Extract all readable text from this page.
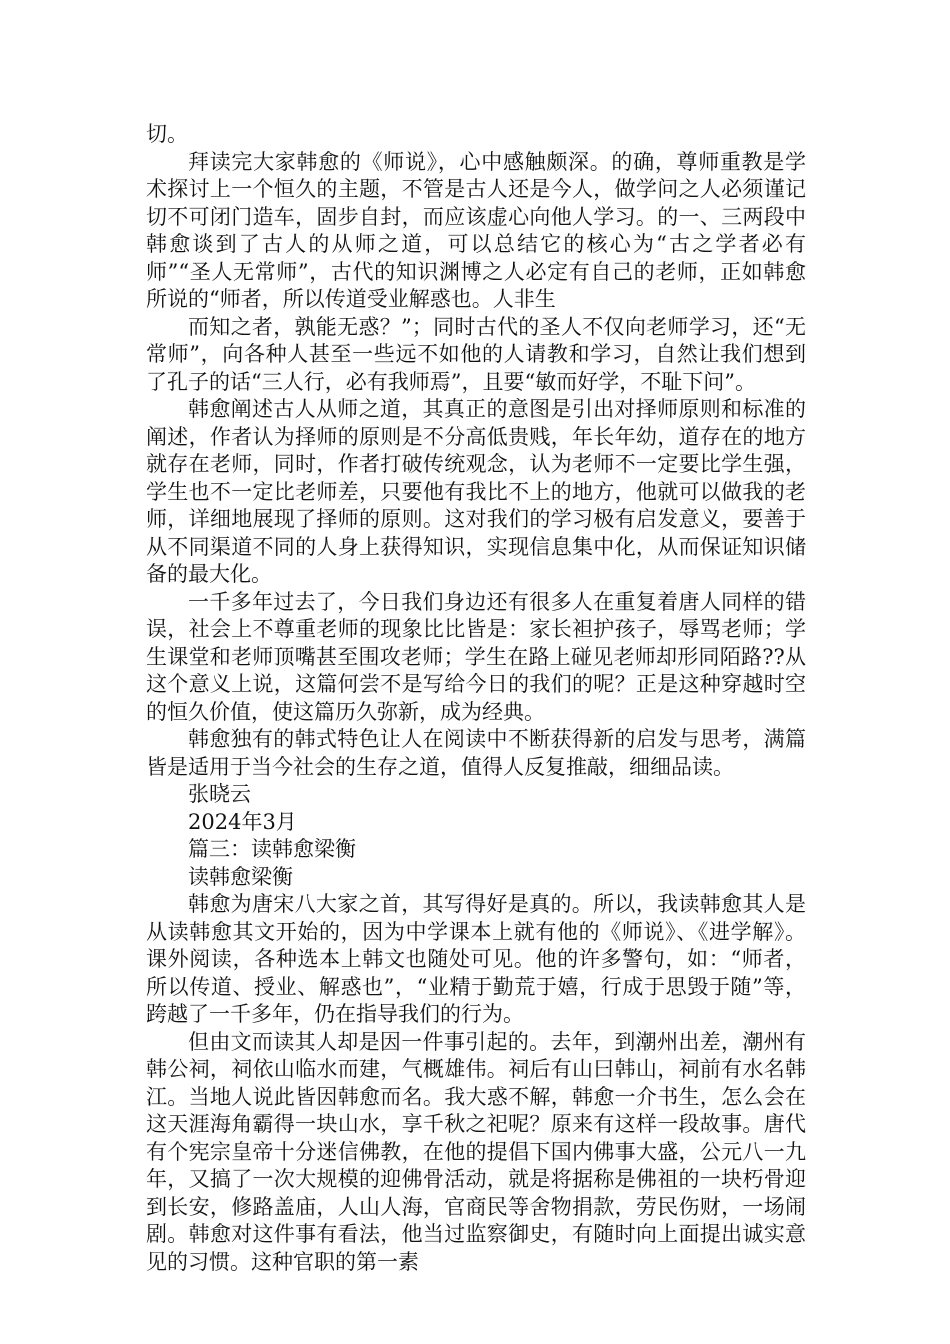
切。

拜读完大家韩愈的《师说》，心中感触颇深。的确，尊师重教是学术探讨上一个恒久的主题，不管是古人还是今人，做学问之人必须谨记切不可闭门造车，固步自封，而应该虚心向他人学习。的一、三两段中韩愈谈到了古人的从师之道，可以总结它的核心为“古之学者必有师”“圣人无常师”，古代的知识渊博之人必定有自己的老师，正如韩愈所说的“师者，所以传道受业解惑也。人非生

而知之者，孰能无惑？”；同时古代的圣人不仅向老师学习，还“无常师”，向各种人甚至一些远不如他的人请教和学习，自然让我们想到了孔子的话“三人行，必有我师焉”，且要“敏而好学，不耻下问”。

韩愈阐述古人从师之道，其真正的意图是引出对择师原则和标准的阐述，作者认为择师的原则是不分高低贵贱，年长年幼，道存在的地方就存在老师，同时，作者打破传统观念，认为老师不一定要比学生强，学生也不一定比老师差，只要他有我比不上的地方，他就可以做我的老师，详细地展现了择师的原则。这对我们的学习极有启发意义，要善于从不同渠道不同的人身上获得知识，实现信息集中化，从而保证知识储备的最大化。

一千多年过去了，今日我们身边还有很多人在重复着唐人同样的错误，社会上不尊重老师的现象比比皆是：家长袒护孩子，辱骂老师；学生课堂和老师顶嘴甚至围攻老师；学生在路上碰见老师却形同陌路??从这个意义上说，这篇何尝不是写给今日的我们的呢？正是这种穿越时空的恒久价值，使这篇历久弥新，成为经典。

韩愈独有的韩式特色让人在阅读中不断获得新的启发与思考，满篇皆是适用于当今社会的生存之道，值得人反复推敲，细细品读。

张晓云

2024年3月

篇三：读韩愈梁衡

读韩愈梁衡

韩愈为唐宋八大家之首，其写得好是真的。所以，我读韩愈其人是从读韩愈其文开始的，因为中学课本上就有他的《师说》、《进学解》。课外阅读，各种选本上韩文也随处可见。他的许多警句，如：“师者，所以传道、授业、解惑也”，“业精于勤荒于嬉，行成于思毁于随”等，跨越了一千多年，仍在指导我们的行为。

但由文而读其人却是因一件事引起的。去年，到潮州出差，潮州有韩公祠，祠依山临水而建，气概雄伟。祠后有山曰韩山，祠前有水名韩江。当地人说此皆因韩愈而名。我大惑不解，韩愈一介书生，怎么会在这天涯海角霸得一块山水，享千秋之祀呢？原来有这样一段故事。唐代有个宪宗皇帝十分迷信佛教，在他的提倡下国内佛事大盛，公元八一九年，又搞了一次大规模的迎佛骨活动，就是将据称是佛祖的一块朽骨迎到长安，修路盖庙，人山人海，官商民等舍物捐款，劳民伤财，一场闹剧。韩愈对这件事有看法，他当过监察御史，有随时向上面提出诚实意见的习惯。这种官职的第一素
